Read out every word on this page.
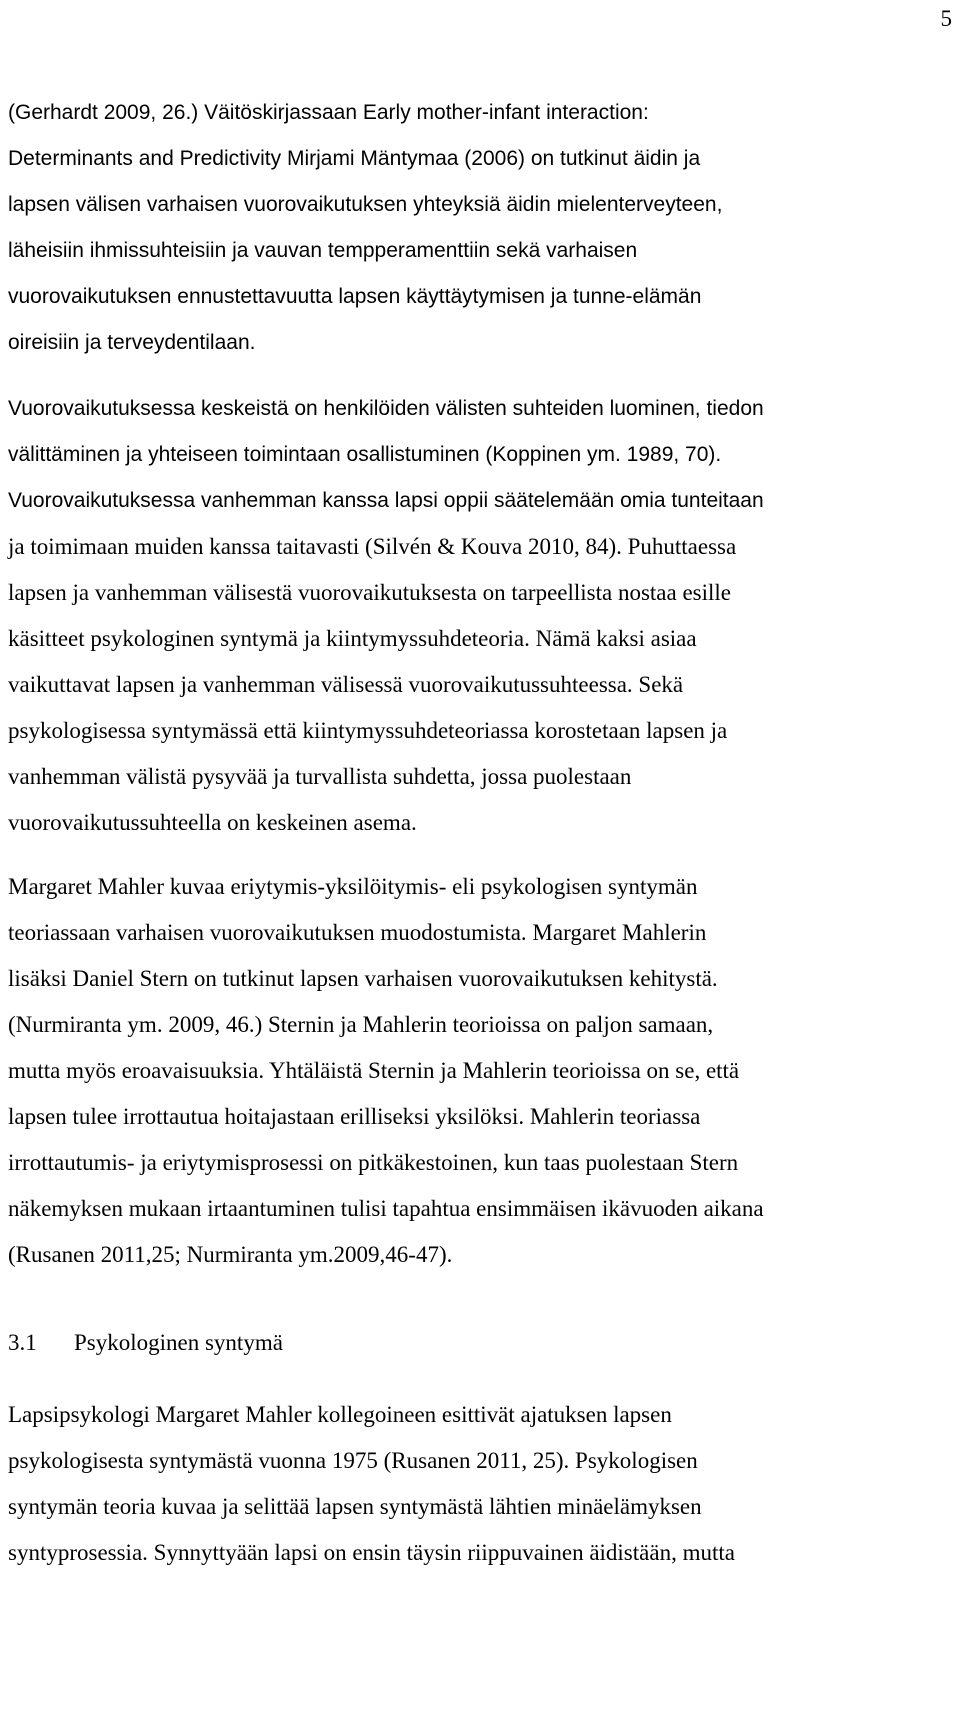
5

(Gerhardt 2009, 26.) Väitöskirjassaan Early mother-infant interaction:

Determinants and Predictivity Mirjami Mäntymaa (2006) on tutkinut äidin ja

lapsen välisen varhaisen vuorovaikutuksen yhteyksiä äidin mielenterveyteen,

läheisiin ihmissuhteisiin ja vauvan tempperamenttiin sekä varhaisen

vuorovaikutuksen ennustettavuutta lapsen käyttäytymisen ja tunne-elämän

oireisiin ja terveydentilaan.

Vuorovaikutuksessa keskeistä on henkilöiden välisten suhteiden luominen, tiedon

välittäminen ja yhteiseen toimintaan osallistuminen (Koppinen ym. 1989, 70).

Vuorovaikutuksessa vanhemman kanssa lapsi oppii säätelemään omia tunteitaan

ja toimimaan muiden kanssa taitavasti (Silvén & Kouva 2010, 84). Puhuttaessa

lapsen ja vanhemman välisestä vuorovaikutuksesta on tarpeellista nostaa esille

käsitteet psykologinen syntymä ja kiintymyssuhdeteoria. Nämä kaksi asiaa

vaikuttavat lapsen ja vanhemman välisessä vuorovaikutussuhteessa. Sekä

psykologisessa syntymässä että kiintymyssuhdeteoriassa korostetaan lapsen ja

vanhemman välistä pysyvää ja turvallista suhdetta, jossa puolestaan

vuorovaikutussuhteella on keskeinen asema.

Margaret Mahler kuvaa eriytymis-yksilöitymis- eli psykologisen syntymän

teoriassaan varhaisen vuorovaikutuksen muodostumista. Margaret Mahlerin

lisäksi Daniel Stern on tutkinut lapsen varhaisen vuorovaikutuksen kehitystä.

(Nurmiranta ym. 2009, 46.) Sternin ja Mahlerin teorioissa on paljon samaan,

mutta myös eroavaisuuksia. Yhtäläistä Sternin ja Mahlerin teorioissa on se, että

lapsen tulee irrottautua hoitajastaan erilliseksi yksilöksi. Mahlerin teoriassa

irrottautumis- ja eriytymisprosessi on pitkäkestoinen, kun taas puolestaan Stern

näkemyksen mukaan irtaantuminen tulisi tapahtua ensimmäisen ikävuoden aikana

(Rusanen 2011,25; Nurmiranta ym.2009,46-47).

Lapsipsykologi Margaret Mahler kollegoineen esittivät ajatuksen lapsen

psykologisesta syntymästä vuonna 1975 (Rusanen 2011, 25). Psykologisen

syntymän teoria kuvaa ja selittää lapsen syntymästä lähtien minäelämyksen

syntyprosessia. Synnyttyään lapsi on ensin täysin riippuvainen äidistään, mutta

3.1 Psykologinen syntymä
